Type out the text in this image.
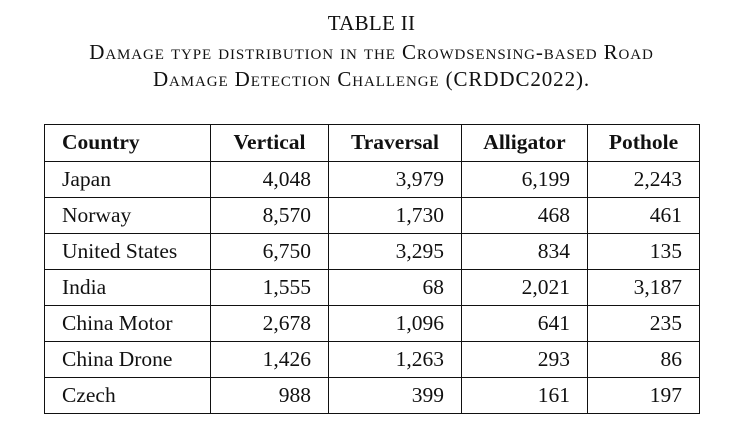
TABLE II
Damage type distribution in the Crowdsensing-based Road
Damage Detection Challenge (CRDDC2022).
Country	Vertical	Traversal	Alligator	Pothole
Japan	4,048	3,979	6,199	2,243
Norway	8,570	1,730	468	461
United States	6,750	3,295	834	135
India	1,555	68	2,021	3,187
China Motor	2,678	1,096	641	235
China Drone	1,426	1,263	293	86
Czech	988	399	161	197
